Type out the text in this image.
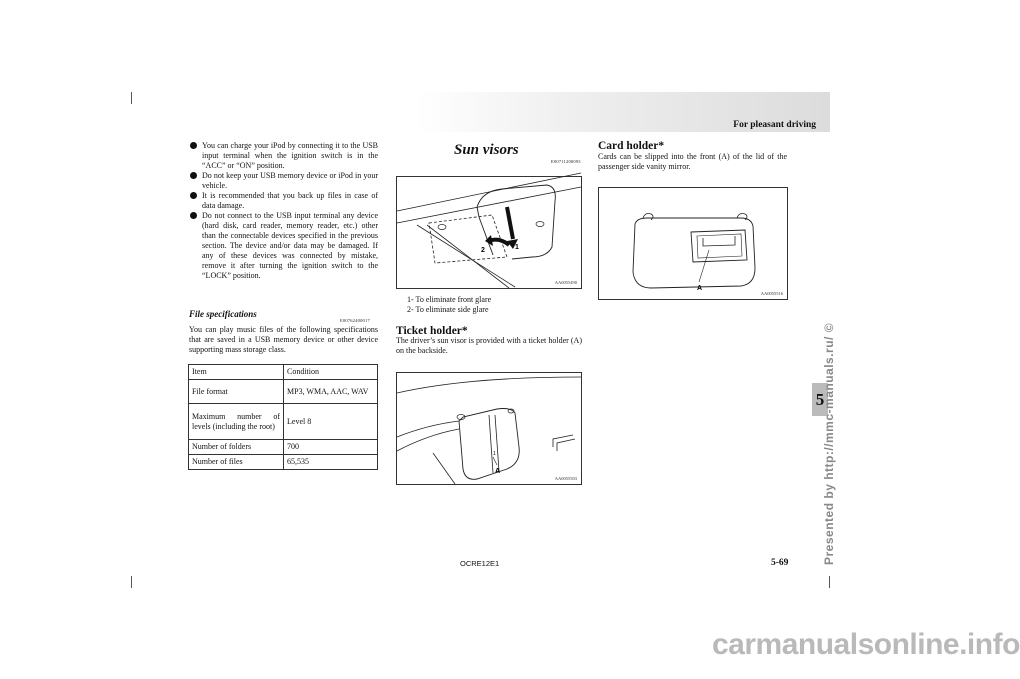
For pleasant driving
You can charge your iPod by connecting it to the USB input terminal when the ignition switch is in the “ACC” or “ON” position.
Do not keep your USB memory device or iPod in your vehicle.
It is recommended that you back up files in case of data damage.
Do not connect to the USB input terminal any device (hard disk, card reader, memory reader, etc.) other than the connectable devices specified in the previous section. The device and/or data may be damaged. If any of these devices was connected by mistake, remove it after turning the ignition switch to the “LOCK” position.
File specifications
E00762400017
You can play music files of the following specifications that are saved in a USB memory device or other device supporting mass storage class.
Item	Condition
File format	MP3, WMA, AAC, WAV
Maximum number of levels (including the root)	Level 8
Number of folders	700
Number of files	65,535
Sun visors
E00711200093
2	1
AA0055490
1- To eliminate front glare
2- To eliminate side glare
Ticket holder*
The driver’s sun visor is provided with a ticket holder (A) on the backside.
1
A
AA0055503
Card holder*
Cards can be slipped into the front (A) of the lid of the passenger side vanity mirror.
A
AA0055516
5
Presented by http://mmc-manuals.ru/ ©
OCRE12E1	5-69
carmanualsonline.info
